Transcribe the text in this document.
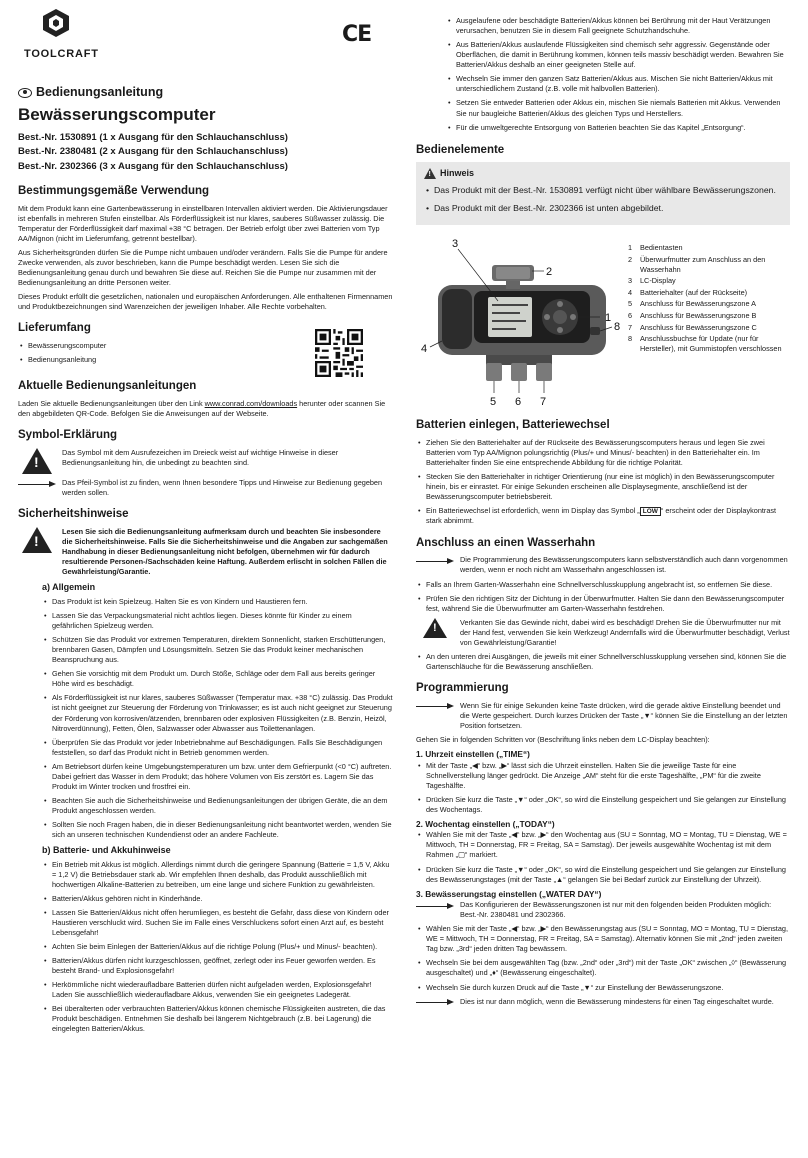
TOOLCRAFT
Bedienungsanleitung
Bewässerungscomputer
Best.-Nr. 1530891 (1 x Ausgang für den Schlauchanschluss)
Best.-Nr. 2380481 (2 x Ausgang für den Schlauchanschluss)
Best.-Nr. 2302366 (3 x Ausgang für den Schlauchanschluss)
Bestimmungsgemäße Verwendung

Mit dem Produkt kann eine Gartenbewässerung in einstellbaren Intervallen aktiviert werden. Die Aktivierungsdauer ist ebenfalls in mehreren Stufen einstellbar. Als Förderflüssigkeit ist nur klares, sauberes Süßwasser zulässig. Die Temperatur der Förderflüssigkeit darf maximal +38 °C betragen. Der Betrieb erfolgt über zwei Batterien vom Typ AA/Mignon (nicht im Lieferumfang, getrennt bestellbar).

Aus Sicherheitsgründen dürfen Sie die Pumpe nicht umbauen und/oder verändern. Falls Sie die Pumpe für andere Zwecke verwenden, als zuvor beschrieben, kann die Pumpe beschädigt werden. Lesen Sie sich die Bedienungsanleitung genau durch und bewahren Sie diese auf. Reichen Sie die Pumpe nur zusammen mit der Bedienungsanleitung an dritte Personen weiter.

Dieses Produkt erfüllt die gesetzlichen, nationalen und europäischen Anforderungen. Alle enthaltenen Firmennamen und Produktbezeichnungen sind Warenzeichen der jeweiligen Inhaber. Alle Rechte vorbehalten.

Lieferumfang
• Bewässerungscomputer
• Bedienungsanleitung
Aktuelle Bedienungsanleitungen

Laden Sie aktuelle Bedienungsanleitungen über den Link www.conrad.com/downloads herunter oder scannen Sie den abgebildeten QR-Code. Befolgen Sie die Anweisungen auf der Webseite.

Symbol-Erklärung
!
Das Symbol mit dem Ausrufezeichen im Dreieck weist auf wichtige Hinweise in dieser Bedienungsanleitung hin, die unbedingt zu beachten sind.
Das Pfeil-Symbol ist zu finden, wenn Ihnen besondere Tipps und Hinweise zur Bedienung gegeben werden sollen.
Sicherheitshinweise
!
Lesen Sie sich die Bedienungsanleitung aufmerksam durch und beachten Sie insbesondere die Sicherheitshinweise. Falls Sie die Sicherheitshinweise und die Angaben zur sachgemäßen Handhabung in dieser Bedienungsanleitung nicht befolgen, übernehmen wir für dadurch resultierende Personen-/Sachschäden keine Haftung. Außerdem erlischt in solchen Fällen die Gewährleistung/Garantie.
a) Allgemein
• Das Produkt ist kein Spielzeug. Halten Sie es von Kindern und Haustieren fern.
• Lassen Sie das Verpackungsmaterial nicht achtlos liegen. Dieses könnte für Kinder zu einem gefährlichen Spielzeug werden.
• Schützen Sie das Produkt vor extremen Temperaturen, direktem Sonnenlicht, starken Erschütterungen, brennbaren Gasen, Dämpfen und Lösungsmitteln. Setzen Sie das Produkt keiner mechanischen Beanspruchung aus.
• Gehen Sie vorsichtig mit dem Produkt um. Durch Stöße, Schläge oder dem Fall aus bereits geringer Höhe wird es beschädigt.
• Als Förderflüssigkeit ist nur klares, sauberes Süßwasser (Temperatur max. +38 °C) zulässig. Das Produkt ist nicht geeignet zur Steuerung der Förderung von Trinkwasser; es ist auch nicht geeignet zur Steuerung der Förderung von korrosiven/ätzenden, brennbaren oder explosiven Flüssigkeiten (z.B. Benzin, Heizöl, Nitroverdünnung), Fetten, Ölen, Salzwasser oder Abwasser aus Toilettenanlagen.
• Überprüfen Sie das Produkt vor jeder Inbetriebnahme auf Beschädigungen. Falls Sie Beschädigungen feststellen, so darf das Produkt nicht in Betrieb genommen werden.
• Am Betriebsort dürfen keine Umgebungstemperaturen um bzw. unter dem Gefrierpunkt (<0 °C) auftreten. Dabei gefriert das Wasser in dem Produkt; das höhere Volumen von Eis zerstört es. Lagern Sie das Produkt im Winter trocken und frostfrei ein.
• Beachten Sie auch die Sicherheitshinweise und Bedienungsanleitungen der übrigen Geräte, die an dem Produkt angeschlossen werden.
• Sollten Sie noch Fragen haben, die in dieser Bedienungsanleitung nicht beantwortet werden, wenden Sie sich an unseren technischen Kundendienst oder an andere Fachleute.
b) Batterie- und Akkuhinweise
• Ein Betrieb mit Akkus ist möglich. Allerdings nimmt durch die geringere Spannung (Batterie = 1,5 V, Akku = 1,2 V) die Betriebsdauer stark ab. Wir empfehlen Ihnen deshalb, das Produkt ausschließlich mit hochwertigen Alkaline-Batterien zu betreiben, um eine lange und sichere Funktion zu gewährleisten.
• Batterien/Akkus gehören nicht in Kinderhände.
• Lassen Sie Batterien/Akkus nicht offen herumliegen, es besteht die Gefahr, dass diese von Kindern oder Haustieren verschluckt wird. Suchen Sie im Falle eines Verschluckens sofort einen Arzt auf, es besteht Lebensgefahr!
• Achten Sie beim Einlegen der Batterien/Akkus auf die richtige Polung (Plus/+ und Minus/- beachten).
• Batterien/Akkus dürfen nicht kurzgeschlossen, geöffnet, zerlegt oder ins Feuer geworfen werden. Es besteht Brand- und Explosionsgefahr!
• Herkömmliche nicht wiederaufladbare Batterien dürfen nicht aufgeladen werden, Explosionsgefahr! Laden Sie ausschließlich wiederaufladbare Akkus, verwenden Sie ein geeignetes Ladegerät.
• Bei überalterten oder verbrauchten Batterien/Akkus können chemische Flüssigkeiten austreten, die das Produkt beschädigen. Entnehmen Sie deshalb bei längerem Nichtgebrauch (z.B. bei Lagerung) die eingelegten Batterien/Akkus.
CE
• Ausgelaufene oder beschädigte Batterien/Akkus können bei Berührung mit der Haut Verätzungen verursachen, benutzen Sie in diesem Fall geeignete Schutzhandschuhe.
• Aus Batterien/Akkus auslaufende Flüssigkeiten sind chemisch sehr aggressiv. Gegenstände oder Oberflächen, die damit in Berührung kommen, können teils massiv beschädigt werden. Bewahren Sie Batterien/Akkus deshalb an einer geeigneten Stelle auf.
• Wechseln Sie immer den ganzen Satz Batterien/Akkus aus. Mischen Sie nicht Batterien/Akkus mit unterschiedlichem Zustand (z.B. volle mit halbvollen Batterien).
• Setzen Sie entweder Batterien oder Akkus ein, mischen Sie niemals Batterien mit Akkus. Verwenden Sie nur baugleiche Batterien/Akkus des gleichen Typs und Herstellers.
• Für die umweltgerechte Entsorgung von Batterien beachten Sie das Kapitel „Entsorgung“.
Bedienelemente
! Hinweis
• Das Produkt mit der Best.-Nr. 1530891 verfügt nicht über wählbare Bewässerungszonen.
• Das Produkt mit der Best.-Nr. 2302366 ist unten abgebildet.
1
2
3
4
5 6 7
8
1	Bedientasten
2	Überwurfmutter zum Anschluss an den Wasserhahn
3	LC-Display
4	Batteriehalter (auf der Rückseite)
5	Anschluss für Bewässerungszone A
6	Anschluss für Bewässerungszone B
7	Anschluss für Bewässerungszone C
8	Anschlussbuchse für Update (nur für Hersteller), mit Gummistopfen verschlossen
Batterien einlegen, Batteriewechsel
• Ziehen Sie den Batteriehalter auf der Rückseite des Bewässerungscomputers heraus und legen Sie zwei Batterien vom Typ AA/Mignon polungsrichtig (Plus/+ und Minus/- beachten) in den Batteriehalter ein. Im Batteriehalter finden Sie eine entsprechende Abbildung für die richtige Polarität.
• Stecken Sie den Batteriehalter in richtiger Orientierung (nur eine ist möglich) in den Bewässerungscomputer hinein, bis er einrastet. Für einige Sekunden erscheinen alle Displaysegmente, anschließend ist der Bewässerungscomputer betriebsbereit.
• Ein Batteriewechsel ist erforderlich, wenn im Display das Symbol „ LOW “ erscheint oder der Displaykontrast stark abnimmt.
Anschluss an einen Wasserhahn
Die Programmierung des Bewässerungscomputers kann selbstverständlich auch dann vorgenommen werden, wenn er noch nicht am Wasserhahn angeschlossen ist.
• Falls an Ihrem Garten-Wasserhahn eine Schnellverschlusskupplung angebracht ist, so entfernen Sie diese.
• Prüfen Sie den richtigen Sitz der Dichtung in der Überwurfmutter. Halten Sie dann den Bewässerungscomputer fest, während Sie die Überwurfmutter am Garten-Wasserhahn festdrehen.
!	Verkanten Sie das Gewinde nicht, dabei wird es beschädigt! Drehen Sie die Überwurfmutter nur mit der Hand fest, verwenden Sie kein Werkzeug! Andernfalls wird die Überwurfmutter beschädigt, Verlust von Gewährleistung/Garantie!
• An den unteren drei Ausgängen, die jeweils mit einer Schnellverschlusskupplung versehen sind, können Sie die Gartenschläuche für die Bewässerung anschließen.
Programmierung
Wenn Sie für einige Sekunden keine Taste drücken, wird die gerade aktive Einstellung beendet und die Werte gespeichert. Durch kurzes Drücken der Taste „▼“ können Sie die Einstellung an der letzten Position fortsetzen.

Gehen Sie in folgenden Schritten vor (Beschriftung links neben dem LC-Display beachten):

1. Uhrzeit einstellen („TIME“)
• Mit der Taste „◀“ bzw. „▶“ lässt sich die Uhrzeit einstellen. Halten Sie die jeweilige Taste für eine Schnellverstellung länger gedrückt. Die Anzeige „AM“ steht für die erste Tageshälfte, „PM“ für die zweite Tageshälfte.
• Drücken Sie kurz die Taste „▼“ oder „OK“, so wird die Einstellung gespeichert und Sie gelangen zur Einstellung des Wochentags.
2. Wochentag einstellen („TODAY“)
• Wählen Sie mit der Taste „◀“ bzw. „▶“ den Wochentag aus (SU = Sonntag, MO = Montag, TU = Dienstag, WE = Mittwoch, TH = Donnerstag, FR = Freitag, SA = Samstag). Der jeweils ausgewählte Wochentag ist mit dem Rahmen „▢“ markiert.
• Drücken Sie kurz die Taste „▼“ oder „OK“, so wird die Einstellung gespeichert und Sie gelangen zur Einstellung des Bewässerungstages (mit der Taste „▲“ gelangen Sie bei Bedarf zurück zur Einstellung der Uhrzeit).
3. Bewässerungstag einstellen („WATER DAY“)
Das Konfigurieren der Bewässerungszonen ist nur mit den folgenden beiden Produkten möglich: Best.-Nr. 2380481 und 2302366.
• Wählen Sie mit der Taste „◀“ bzw. „▶“ den Bewässerungstag aus (SU = Sonntag, MO = Montag, TU = Dienstag, WE = Mittwoch, TH = Donnerstag, FR = Freitag, SA = Samstag). Alternativ können Sie mit „2nd“ jeden zweiten Tag bzw. „3rd“ jeden dritten Tag bewässern.
• Wechseln Sie bei dem ausgewählten Tag (bzw. „2nd“ oder „3rd“) mit der Taste „OK“ zwischen „◊“ (Bewässerung ausgeschaltet) und „♦“ (Bewässerung eingeschaltet).
• Wechseln Sie durch kurzen Druck auf die Taste „▼“ zur Einstellung der Bewässerungszone.
Dies ist nur dann möglich, wenn die Bewässerung mindestens für einen Tag eingeschaltet wurde.
